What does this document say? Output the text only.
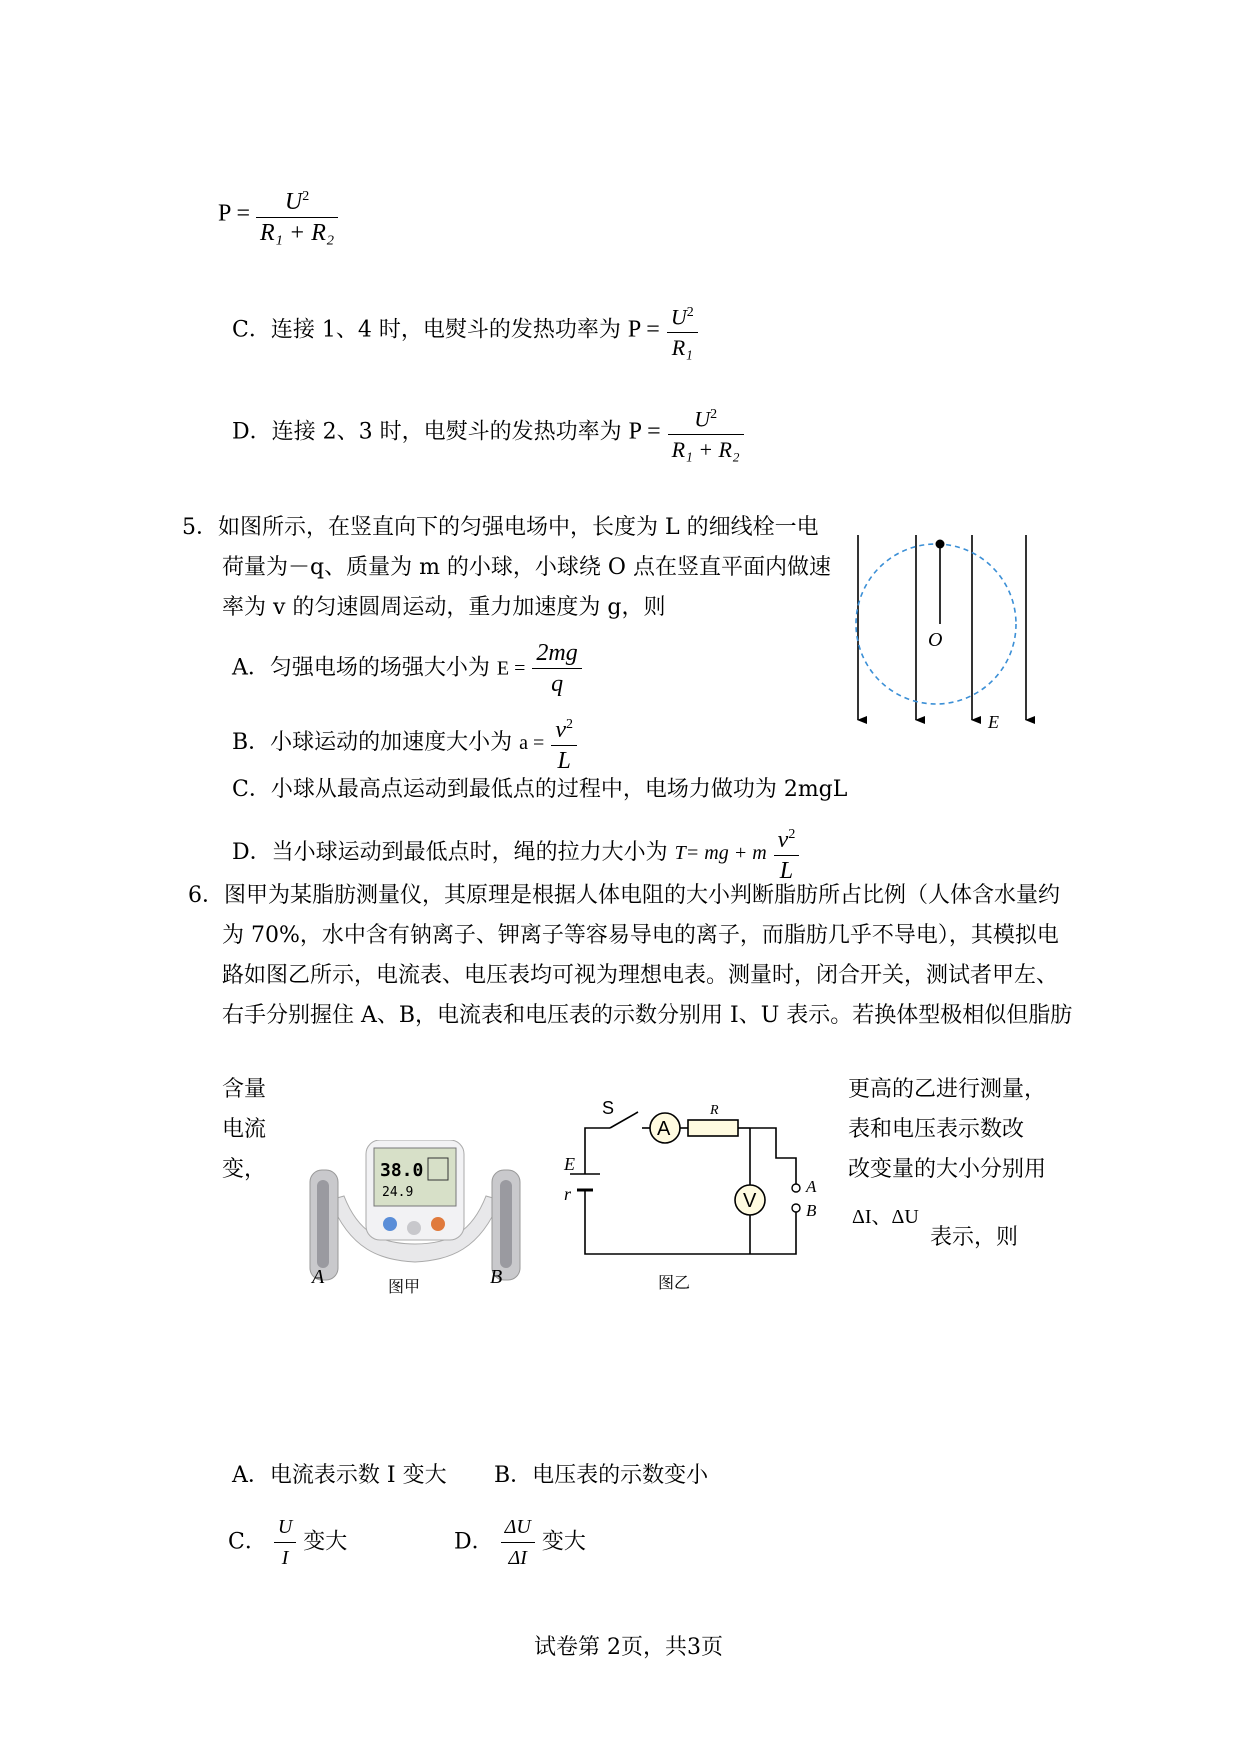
$P = \frac{U^2}{\text{R₁ + R₂}}$
C．连接 1、4 时，电熨斗的发热功率为 $P = \frac{U^2}{\text{R₁}}$
D．连接 2、3 时，电熨斗的发热功率为 $P = \frac{U^2}{\text{R₁ + R₂}}$
5．如图所示，在竖直向下的匀强电场中，长度为 L 的细线栓一电
荷量为－q、质量为 m 的小球，小球绕 O 点在竖直平面内做速
率为 v 的匀速圆周运动，重力加速度为 g，则
A．匀强电场的场强大小为 $E = \frac{2mg}{q}$
B．小球运动的加速度大小为 $a = \frac{v^2}{L}$
C．小球从最高点运动到最低点的过程中，电场力做功为 2mgL
D．当小球运动到最低点时，绳的拉力大小为 T= mg + m $\frac{v^2}{L}$
O
E
6．图甲为某脂肪测量仪，其原理是根据人体电阻的大小判断脂肪所占比例（人体含水量约
为 70%，水中含有钠离子、钾离子等容易导电的离子，而脂肪几乎不导电），其模拟电
路如图乙所示，电流表、电压表均可视为理想电表。测量时，闭合开关，测试者甲左、
右手分别握住 A、B，电流表和电压表的示数分别用 I、U 表示。若换体型极相似但脂肪
含量
电流
变，
更高的乙进行测量，
表和电压表示数改
改变量的大小分别用
ΔI、ΔU
表示，则
38.0
24.9
A	图甲	B
A
R
V
S
E
r	A
B
图乙
A．电流表示数 I 变大 B．电压表的示数变小
C． $\frac{U}{I}$ 变大	D． $\frac{\Delta U}{\Delta I}$ 变大
试卷第 2页，共3页
